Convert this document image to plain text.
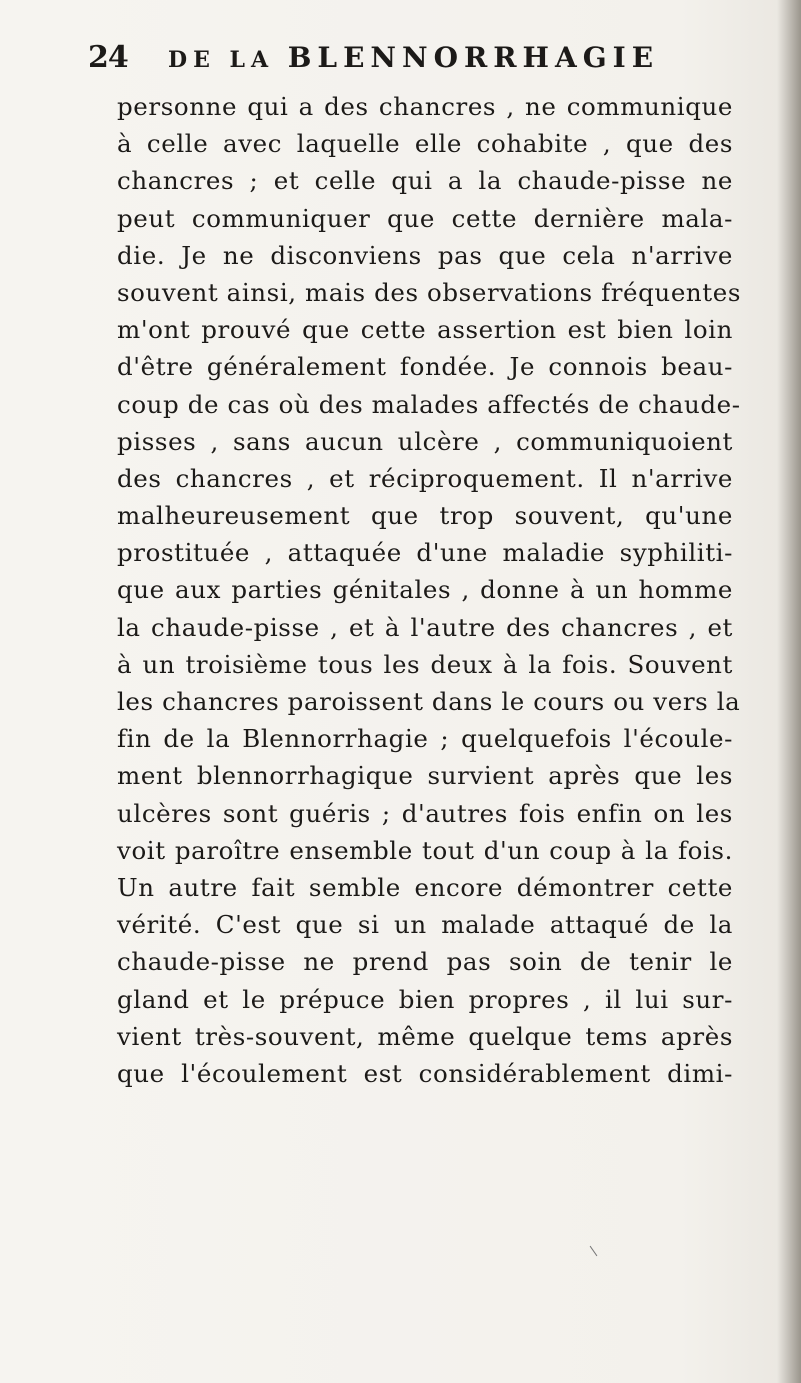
24	DE LA BLENNORRHAGIE
personne qui a des chancres , ne communique
à celle avec laquelle elle cohabite , que des
chancres ; et celle qui a la chaude-pisse ne
peut communiquer que cette dernière mala-
die. Je ne disconviens pas que cela n'arrive
souvent ainsi, mais des observations fréquentes
m'ont prouvé que cette assertion est bien loin
d'être généralement fondée. Je connois beau-
coup de cas où des malades affectés de chaude-
pisses , sans aucun ulcère , communiquoient
des chancres , et réciproquement. Il n'arrive
malheureusement que trop souvent, qu'une
prostituée , attaquée d'une maladie syphiliti-
que aux parties génitales , donne à un homme
la chaude-pisse , et à l'autre des chancres , et
à un troisième tous les deux à la fois. Souvent
les chancres paroissent dans le cours ou vers la
fin de la Blennorrhagie ; quelquefois l'écoule-
ment blennorrhagique survient après que les
ulcères sont guéris ; d'autres fois enfin on les
voit paroître ensemble tout d'un coup à la fois.
Un autre fait semble encore démontrer cette
vérité. C'est que si un malade attaqué de la
chaude-pisse ne prend pas soin de tenir le
gland et le prépuce bien propres , il lui sur-
vient très-souvent, même quelque tems après
que l'écoulement est considérablement dimi-
